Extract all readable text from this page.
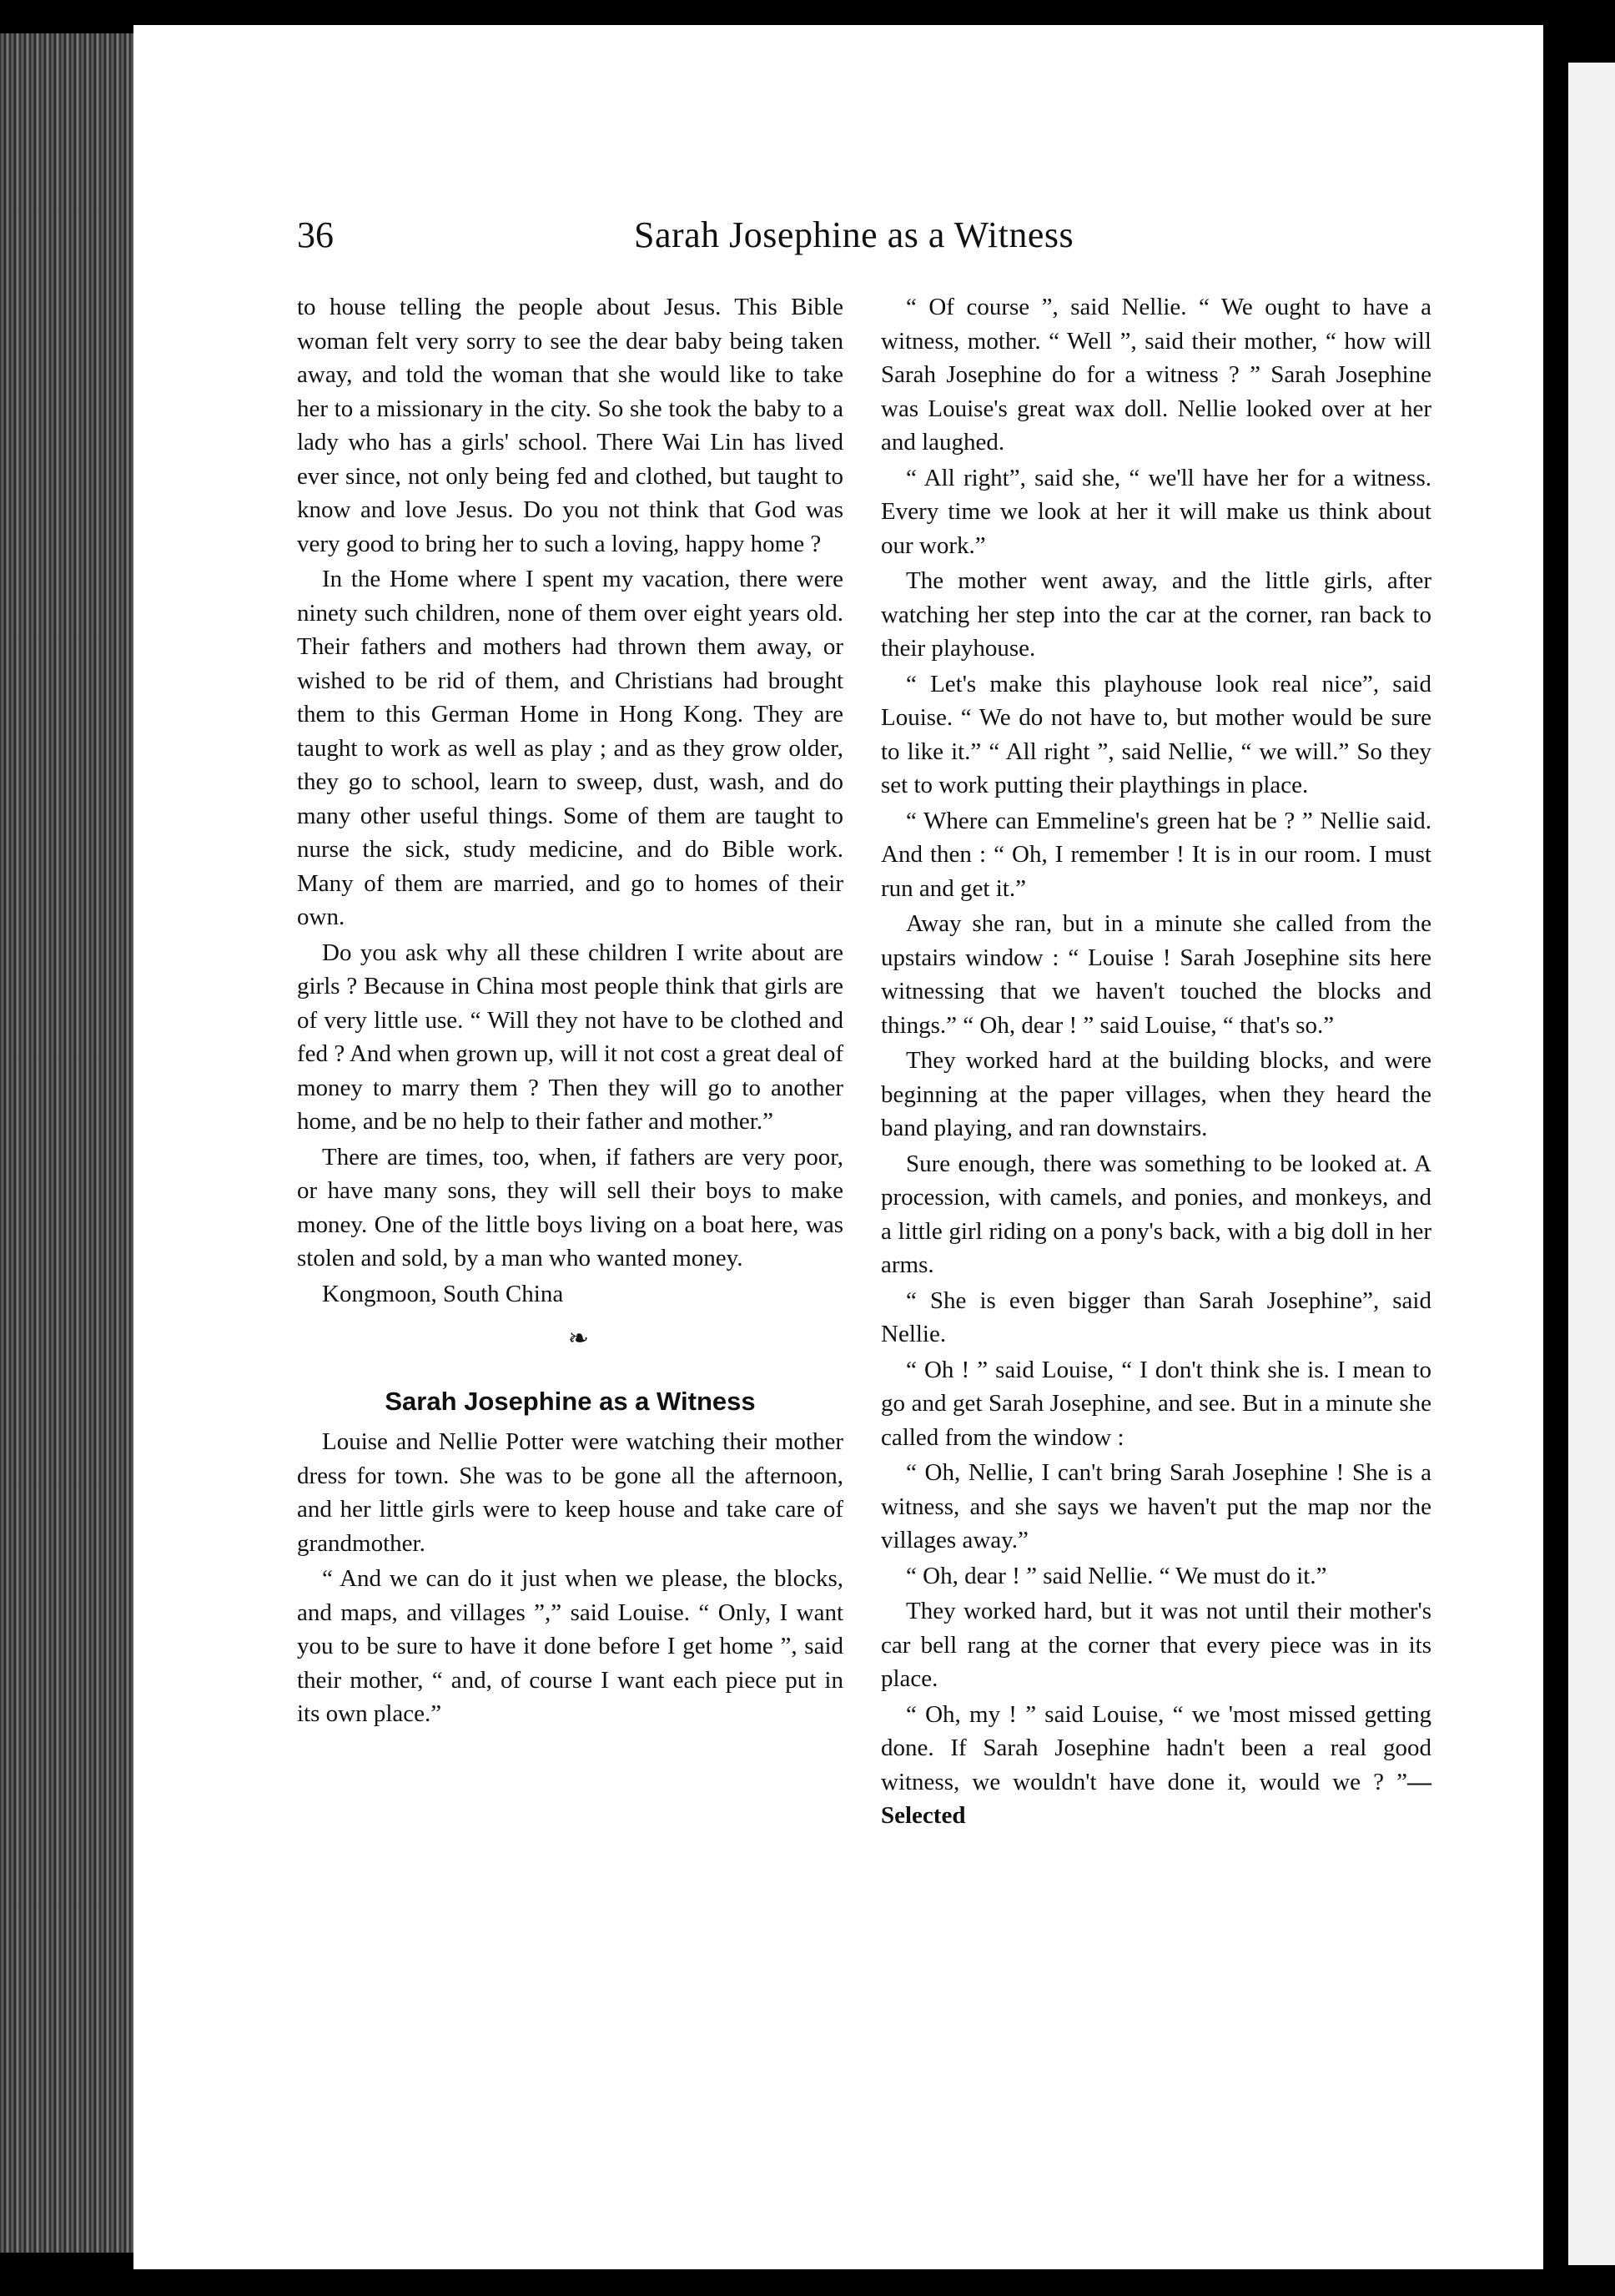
36	Sarah Josephine as a Witness

to house telling the people about Jesus. This Bible woman felt very sorry to see the dear baby being taken away, and told the woman that she would like to take her to a missionary in the city. So she took the baby to a lady who has a girls' school. There Wai Lin has lived ever since, not only being fed and clothed, but taught to know and love Jesus. Do you not think that God was very good to bring her to such a loving, happy home ?

In the Home where I spent my vacation, there were ninety such children, none of them over eight years old. Their fathers and mothers had thrown them away, or wished to be rid of them, and Christians had brought them to this German Home in Hong Kong. They are taught to work as well as play ; and as they grow older, they go to school, learn to sweep, dust, wash, and do many other useful things. Some of them are taught to nurse the sick, study medicine, and do Bible work. Many of them are married, and go to homes of their own.

Do you ask why all these children I write about are girls ? Because in China most people think that girls are of very little use. “ Will they not have to be clothed and fed ? And when grown up, will it not cost a great deal of money to marry them ? Then they will go to another home, and be no help to their father and mother.”

There are times, too, when, if fathers are very poor, or have many sons, they will sell their boys to make money. One of the little boys living on a boat here, was stolen and sold, by a man who wanted money.

Kongmoon, South China

❧
Sarah Josephine as a Witness

Louise and Nellie Potter were watching their mother dress for town. She was to be gone all the afternoon, and her little girls were to keep house and take care of grandmother.

“ And we can do it just when we please, the blocks, and maps, and villages ”,” said Louise. “ Only, I want you to be sure to have it done before I get home ”, said their mother, “ and, of course I want each piece put in its own place.”

“ Of course ”, said Nellie. “ We ought to have a witness, mother. “ Well ”, said their mother, “ how will Sarah Josephine do for a witness ? ” Sarah Josephine was Louise's great wax doll. Nellie looked over at her and laughed.

“ All right”, said she, “ we'll have her for a witness. Every time we look at her it will make us think about our work.”

The mother went away, and the little girls, after watching her step into the car at the corner, ran back to their playhouse.

“ Let's make this playhouse look real nice”, said Louise. “ We do not have to, but mother would be sure to like it.” “ All right ”, said Nellie, “ we will.” So they set to work putting their playthings in place.

“ Where can Emmeline's green hat be ? ” Nellie said. And then : “ Oh, I remember ! It is in our room. I must run and get it.”

Away she ran, but in a minute she called from the upstairs window : “ Louise ! Sarah Josephine sits here witnessing that we haven't touched the blocks and things.” “ Oh, dear ! ” said Louise, “ that's so.”

They worked hard at the building blocks, and were beginning at the paper villages, when they heard the band playing, and ran downstairs.

Sure enough, there was something to be looked at. A procession, with camels, and ponies, and monkeys, and a little girl riding on a pony's back, with a big doll in her arms.

“ She is even bigger than Sarah Josephine”, said Nellie.

“ Oh ! ” said Louise, “ I don't think she is. I mean to go and get Sarah Josephine, and see. But in a minute she called from the window :

“ Oh, Nellie, I can't bring Sarah Josephine ! She is a witness, and she says we haven't put the map nor the villages away.”

“ Oh, dear ! ” said Nellie. “ We must do it.”

They worked hard, but it was not until their mother's car bell rang at the corner that every piece was in its place.

“ Oh, my ! ” said Louise, “ we 'most missed getting done. If Sarah Josephine hadn't been a real good witness, we wouldn't have done it, would we ? ”—Selected
